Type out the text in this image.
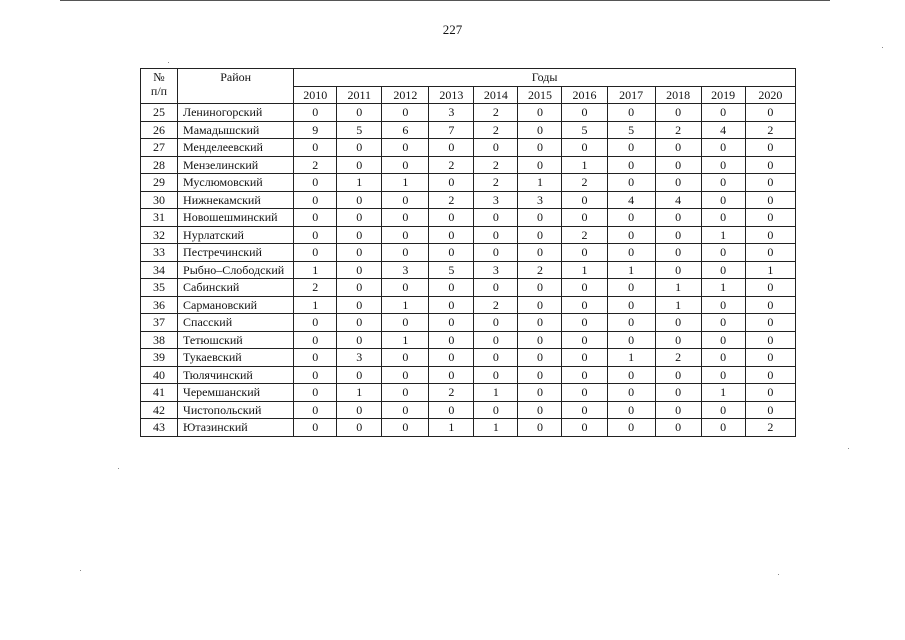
227
№
п/п	Район	Годы										
		2010	2011	2012	2013	2014	2015	2016	2017	2018	2019	2020
25	Лениногорский	0	0	0	3	2	0	0	0	0	0	0
26	Мамадышский	9	5	6	7	2	0	5	5	2	4	2
27	Менделеевский	0	0	0	0	0	0	0	0	0	0	0
28	Мензелинский	2	0	0	2	2	0	1	0	0	0	0
29	Муслюмовский	0	1	1	0	2	1	2	0	0	0	0
30	Нижнекамский	0	0	0	2	3	3	0	4	4	0	0
31	Новошешминский	0	0	0	0	0	0	0	0	0	0	0
32	Нурлатский	0	0	0	0	0	0	2	0	0	1	0
33	Пестречинский	0	0	0	0	0	0	0	0	0	0	0
34	Рыбно–Слободский	1	0	3	5	3	2	1	1	0	0	1
35	Сабинский	2	0	0	0	0	0	0	0	1	1	0
36	Сармановский	1	0	1	0	2	0	0	0	1	0	0
37	Спасский	0	0	0	0	0	0	0	0	0	0	0
38	Тетюшский	0	0	1	0	0	0	0	0	0	0	0
39	Тукаевский	0	3	0	0	0	0	0	1	2	0	0
40	Тюлячинский	0	0	0	0	0	0	0	0	0	0	0
41	Черемшанский	0	1	0	2	1	0	0	0	0	1	0
42	Чистопольский	0	0	0	0	0	0	0	0	0	0	0
43	Ютазинский	0	0	0	1	1	0	0	0	0	0	2
